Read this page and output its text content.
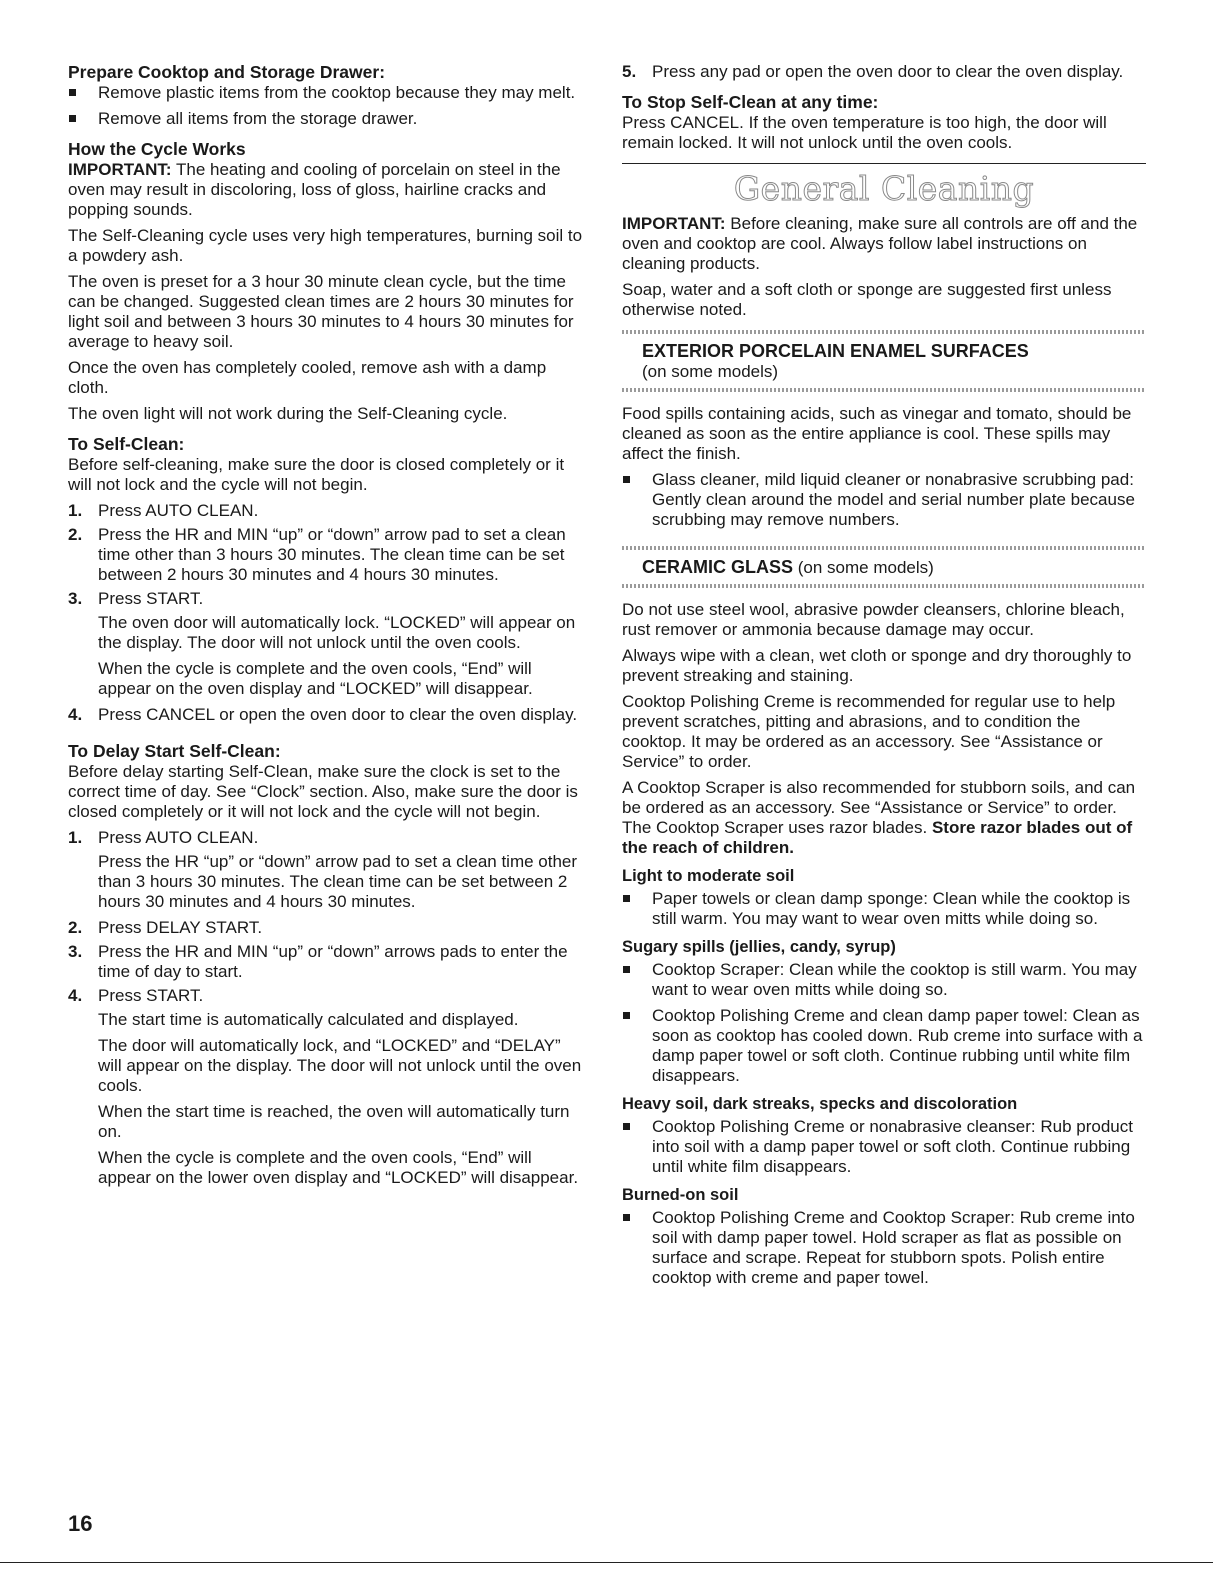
Prepare Cooktop and Storage Drawer:
Remove plastic items from the cooktop because they may melt.
Remove all items from the storage drawer.
How the Cycle Works
IMPORTANT: The heating and cooling of porcelain on steel in the oven may result in discoloring, loss of gloss, hairline cracks and popping sounds.
The Self-Cleaning cycle uses very high temperatures, burning soil to a powdery ash.
The oven is preset for a 3 hour 30 minute clean cycle, but the time can be changed. Suggested clean times are 2 hours 30 minutes for light soil and between 3 hours 30 minutes to 4 hours 30 minutes for average to heavy soil.
Once the oven has completely cooled, remove ash with a damp cloth.
The oven light will not work during the Self-Cleaning cycle.
To Self-Clean:
Before self-cleaning, make sure the door is closed completely or it will not lock and the cycle will not begin.
1. Press AUTO CLEAN.
2. Press the HR and MIN “up” or “down” arrow pad to set a clean time other than 3 hours 30 minutes. The clean time can be set between 2 hours 30 minutes and 4 hours 30 minutes.
3. Press START.
The oven door will automatically lock. “LOCKED” will appear on the display. The door will not unlock until the oven cools.
When the cycle is complete and the oven cools, “End” will appear on the oven display and “LOCKED” will disappear.
4. Press CANCEL or open the oven door to clear the oven display.
To Delay Start Self-Clean:
Before delay starting Self-Clean, make sure the clock is set to the correct time of day. See “Clock” section. Also, make sure the door is closed completely or it will not lock and the cycle will not begin.
1. Press AUTO CLEAN.
Press the HR “up” or “down” arrow pad to set a clean time other than 3 hours 30 minutes. The clean time can be set between 2 hours 30 minutes and 4 hours 30 minutes.
2. Press DELAY START.
3. Press the HR and MIN “up” or “down” arrows pads to enter the time of day to start.
4. Press START.
The start time is automatically calculated and displayed.
The door will automatically lock, and “LOCKED” and “DELAY” will appear on the display. The door will not unlock until the oven cools.
When the start time is reached, the oven will automatically turn on.
When the cycle is complete and the oven cools, “End” will appear on the lower oven display and “LOCKED” will disappear.
5. Press any pad or open the oven door to clear the oven display.
To Stop Self-Clean at any time:
Press CANCEL. If the oven temperature is too high, the door will remain locked. It will not unlock until the oven cools.
General Cleaning
IMPORTANT: Before cleaning, make sure all controls are off and the oven and cooktop are cool. Always follow label instructions on cleaning products.
Soap, water and a soft cloth or sponge are suggested first unless otherwise noted.
EXTERIOR PORCELAIN ENAMEL SURFACES
(on some models)
Food spills containing acids, such as vinegar and tomato, should be cleaned as soon as the entire appliance is cool. These spills may affect the finish.
Glass cleaner, mild liquid cleaner or nonabrasive scrubbing pad: Gently clean around the model and serial number plate because scrubbing may remove numbers.
CERAMIC GLASS (on some models)
Do not use steel wool, abrasive powder cleansers, chlorine bleach, rust remover or ammonia because damage may occur.
Always wipe with a clean, wet cloth or sponge and dry thoroughly to prevent streaking and staining.
Cooktop Polishing Creme is recommended for regular use to help prevent scratches, pitting and abrasions, and to condition the cooktop. It may be ordered as an accessory. See “Assistance or Service” to order.
A Cooktop Scraper is also recommended for stubborn soils, and can be ordered as an accessory. See “Assistance or Service” to order. The Cooktop Scraper uses razor blades. Store razor blades out of the reach of children.
Light to moderate soil
Paper towels or clean damp sponge: Clean while the cooktop is still warm. You may want to wear oven mitts while doing so.
Sugary spills (jellies, candy, syrup)
Cooktop Scraper: Clean while the cooktop is still warm. You may want to wear oven mitts while doing so.
Cooktop Polishing Creme and clean damp paper towel: Clean as soon as cooktop has cooled down. Rub creme into surface with a damp paper towel or soft cloth. Continue rubbing until white film disappears.
Heavy soil, dark streaks, specks and discoloration
Cooktop Polishing Creme or nonabrasive cleanser: Rub product into soil with a damp paper towel or soft cloth. Continue rubbing until white film disappears.
Burned-on soil
Cooktop Polishing Creme and Cooktop Scraper: Rub creme into soil with damp paper towel. Hold scraper as flat as possible on surface and scrape. Repeat for stubborn spots. Polish entire cooktop with creme and paper towel.
16
